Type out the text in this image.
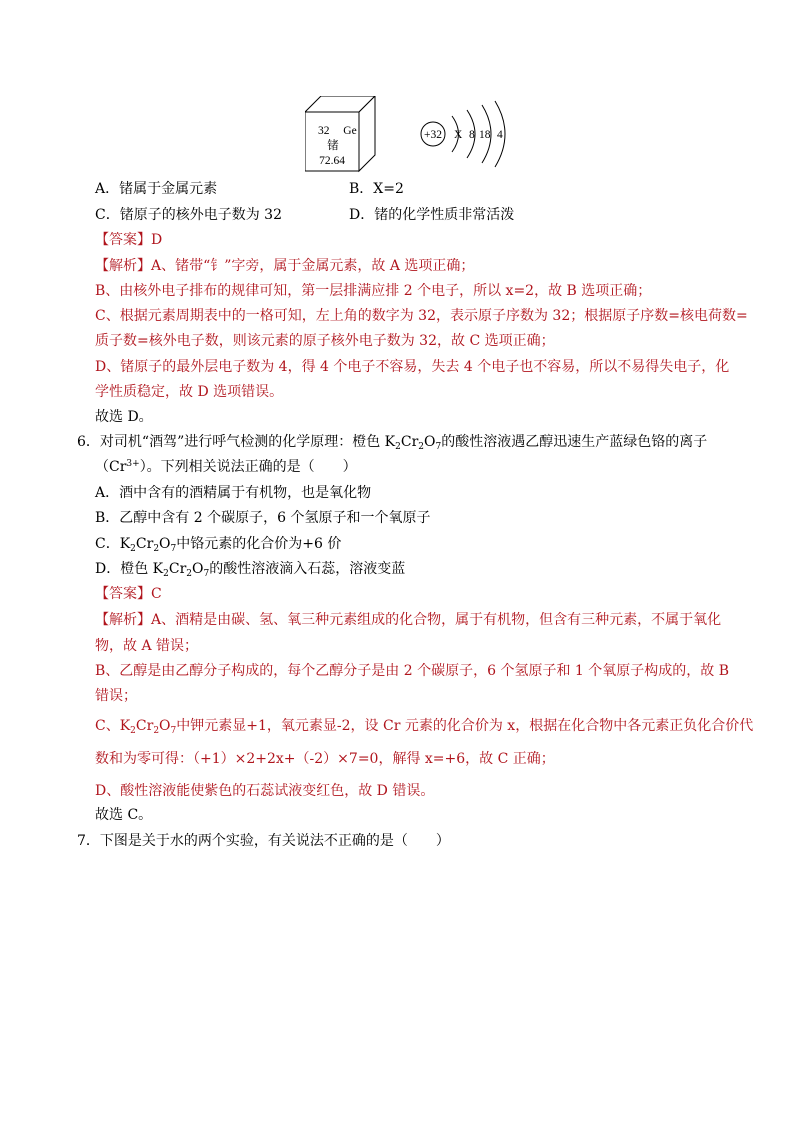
32 Ge
锗
72.64
+32 X 8 18 4
A．锗属于金属元素	B．X=2
C．锗原子的核外电子数为 32	D．锗的化学性质非常活泼
【答案】D
【解析】A、锗带“钅”字旁，属于金属元素，故 A 选项正确；
B、由核外电子排布的规律可知，第一层排满应排 2 个电子，所以 x=2，故 B 选项正确；
C、根据元素周期表中的一格可知，左上角的数字为 32，表示原子序数为 32；根据原子序数=核电荷数=
质子数=核外电子数，则该元素的原子核外电子数为 32，故 C 选项正确；
D、锗原子的最外层电子数为 4，得 4 个电子不容易，失去 4 个电子也不容易，所以不易得失电子，化
学性质稳定，故 D 选项错误。
故选 D。
6．对司机“酒驾”进行呼气检测的化学原理：橙色 $K_2Cr_2O_7$的酸性溶液遇乙醇迅速生产蓝绿色铬的离子
$(Cr^{3+})$。下列相关说法正确的是（　　）
A．酒中含有的酒精属于有机物，也是氧化物
B．乙醇中含有 2 个碳原子，6 个氢原子和一个氧原子
C．$K_2Cr_2O_7$中铬元素的化合价为+6 价
D．橙色 $K_2Cr_2O_7$的酸性溶液滴入石蕊，溶液变蓝
【答案】C
【解析】A、酒精是由碳、氢、氧三种元素组成的化合物，属于有机物，但含有三种元素，不属于氧化
物，故 A 错误；
B、乙醇是由乙醇分子构成的，每个乙醇分子是由 2 个碳原子，6 个氢原子和 1 个氧原子构成的，故 B
错误；
C、$K_2Cr_2O_7$中钾元素显+1，氧元素显-2，设 Cr 元素的化合价为 x，根据在化合物中各元素正负化合价代
数和为零可得：（+1）×2+2x+（-2）×7=0，解得 x=+6，故 C 正确；
D、酸性溶液能使紫色的石蕊试液变红色，故 D 错误。
故选 C。
7．下图是关于水的两个实验，有关说法不正确的是（　　）
